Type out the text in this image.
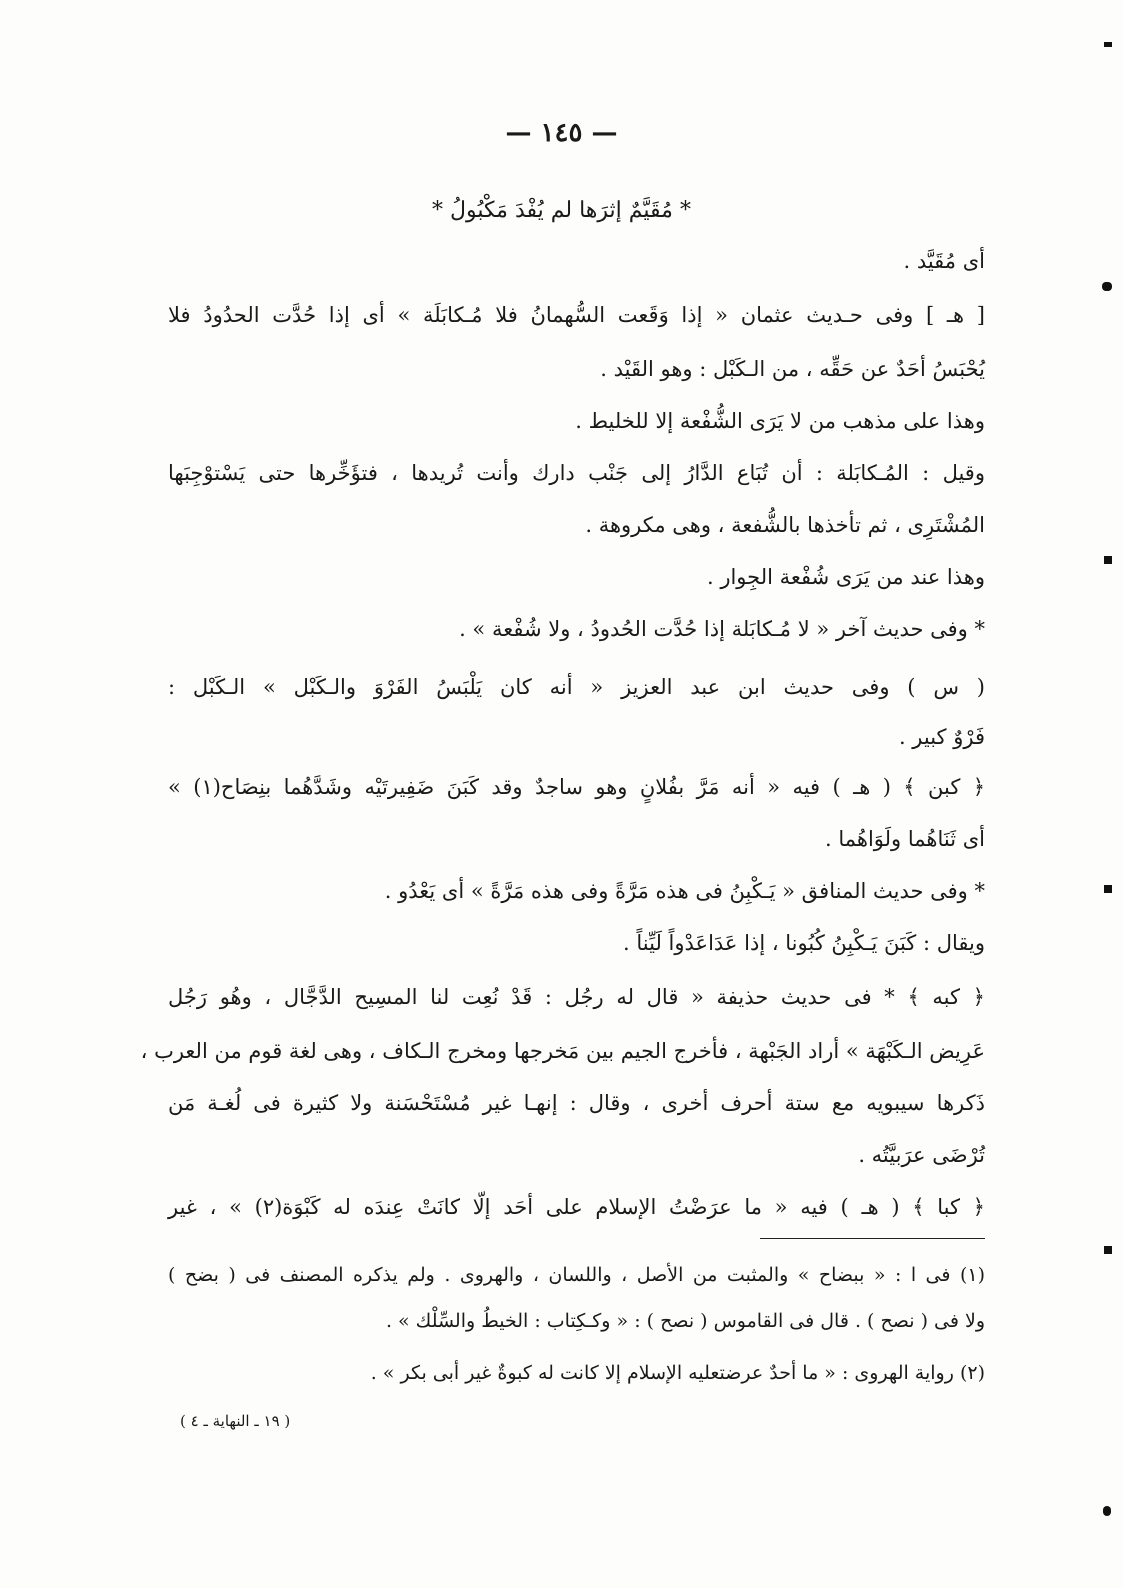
— ١٤٥ —
* مُقَيَّمٌ إثرَها لم يُفْدَ مَكْبُولُ *
أى مُقَيَّد .
[ هـ ] وفى حـديث عثمان « إذا وَقَعت السُّهمانُ فلا مُـكابَلَة » أى إذا حُدَّت الحدُودُ فلا
يُحْبَسُ أحَدٌ عن حَقِّه ، من الـكَبْل : وهو القَيْد .
وهذا على مذهب من لا يَرَى الشُّفْعة إلا للخليط .
وقيل : المُـكابَلة : أن تُبَاع الدَّارُ إلى جَنْب دارك وأنت تُريدها ، فتؤَخِّرها حتى يَسْتوْجِبَها
المُشْتَرِى ، ثم تأخذها بالشُّفعة ، وهى مكروهة .
وهذا عند من يَرَى شُفْعة الجِوار .
* وفى حديث آخر « لا مُـكابَلة إذا حُدَّت الحُدودُ ، ولا شُفْعة » .
( س ) وفى حديث ابن عبد العزيز « أنه كان يَلْبَسُ الفَرْوَ والـكَبْل » الـكَبْل :
فَرْوٌ كبير .
﴿ كبن ﴾ ( هـ ) فيه « أنه مَرَّ بفُلانٍ وهو ساجدٌ وقد كَبَنَ ضَفِيرتَيْه وشَدَّهُما بنِصَاح(١) »
أى ثَنَاهُما ولَوَاهُما .
* وفى حديث المنافق « يَـكْبِنُ فى هذه مَرَّةً وفى هذه مَرَّةً » أى يَعْدُو .
ويقال : كَبَنَ يَـكْبِنُ كُبُونا ، إذا عَدَاعَدْواً لَيِّناً .
﴿ كبه ﴾ * فى حديث حذيفة « قال له رجُل : قَدْ نُعِت لنا المسِيح الدَّجَّال ، وهُو رَجُل
عَرِيض الـكَبْهَة » أراد الجَبْهة ، فأخرج الجيم بين مَخرجها ومخرج الـكاف ، وهى لغة قوم من العرب ،
ذَكرها سيبويه مع ستة أحرف أخرى ، وقال : إنهـا غير مُسْتَحْسَنة ولا كثيرة فى لُغـة مَن
تُرْضَى عرَبيَّتُه .
﴿ كبا ﴾ ( هـ ) فيه « ما عرَضْتُ الإسلام على أحَد إلّا كانَتْ عِندَه له كَبْوَة(٢) » ، غير
(١) فى ا : « ببضاح » والمثبت من الأصل ، واللسان ، والهروى . ولم يذكره المصنف فى ( بضح )
ولا فى ( نصح ) . قال فى القاموس ( نصح ) : « وكـكِتاب : الخيطُ والسِّلْك » .
(٢) رواية الهروى : « ما أحدٌ عرضتعليه الإسلام إلا كانت له كبوةٌ غير أبى بكر » .
( ١٩ ـ النهاية ـ ٤ )
